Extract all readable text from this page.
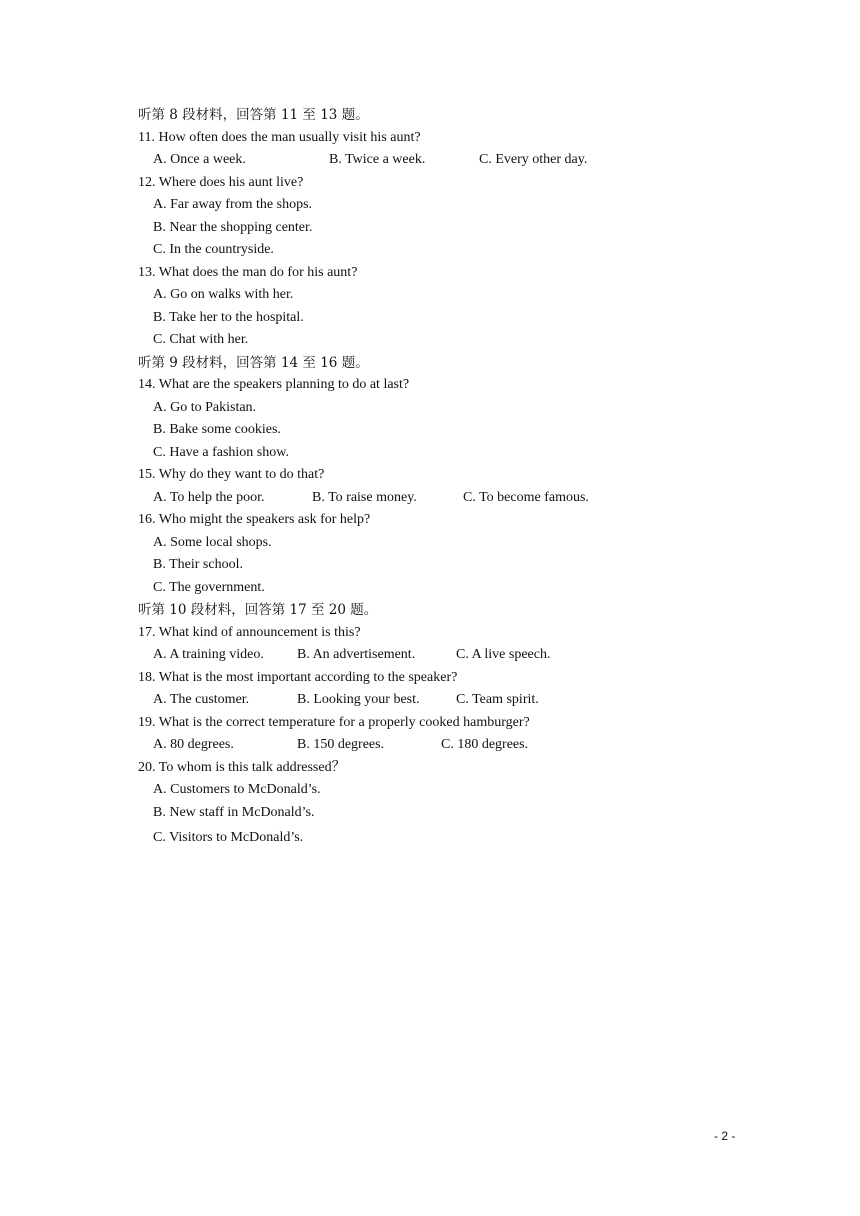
听第 8 段材料，回答第 11 至 13 题。
11. How often does the man usually visit his aunt?
A. Once a week.	B. Twice a week.	C. Every other day.
12. Where does his aunt live?
A. Far away from the shops.
B. Near the shopping center.
C. In the countryside.
13. What does the man do for his aunt?
A. Go on walks with her.
B. Take her to the hospital.
C. Chat with her.
听第 9 段材料，回答第 14 至 16 题。
14. What are the speakers planning to do at last?
A. Go to Pakistan.
B. Bake some cookies.
C. Have a fashion show.
15. Why do they want to do that?
A. To help the poor.	B. To raise money.	C. To become famous.
16. Who might the speakers ask for help?
A. Some local shops.
B. Their school.
C. The government.
听第 10 段材料，回答第 17 至 20 题。
17. What kind of announcement is this?
A. A training video. B. An advertisement.	C. A live speech.
18. What is the most important according to the speaker?
A. The customer.	B. Looking your best.	C. Team spirit.
19. What is the correct temperature for a properly cooked hamburger?
A. 80 degrees.	B. 150 degrees.	C. 180 degrees.
20. To whom is this talk addressed？
A. Customers to McDonald’s.
B. New staff in McDonald’s.
C. Visitors to McDonald’s.
- 2 -
